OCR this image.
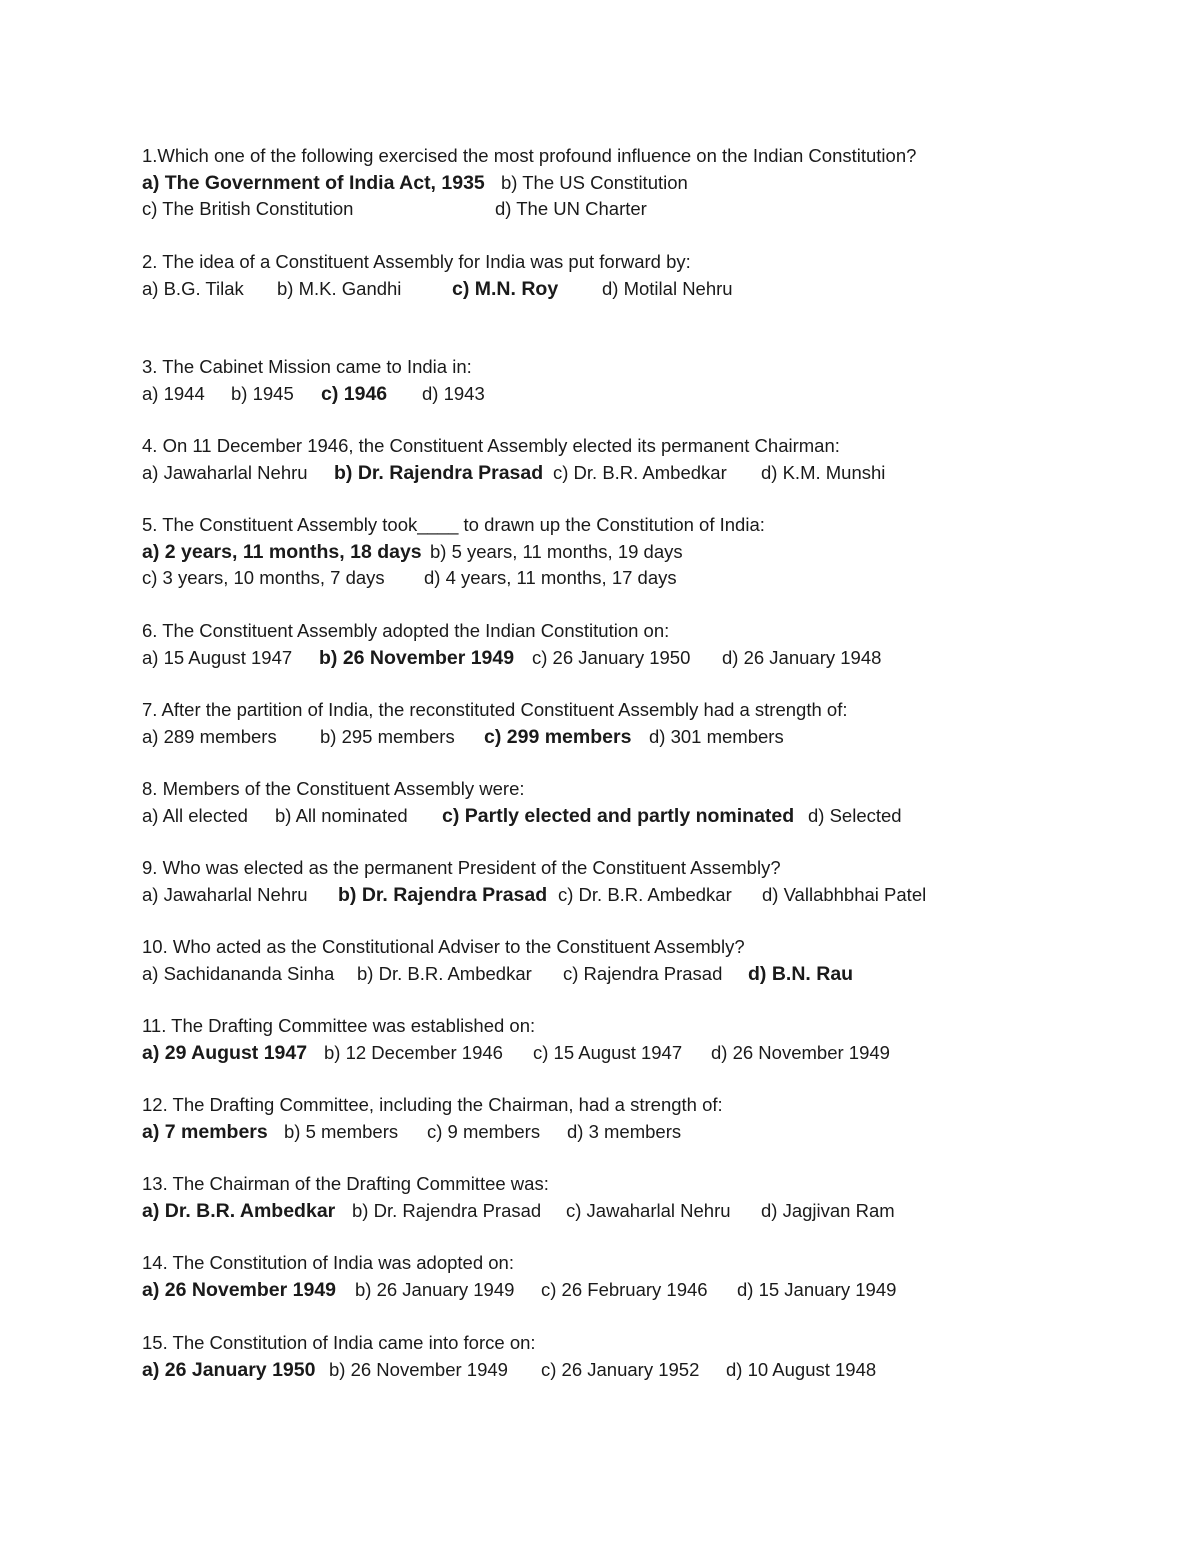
1.Which one of the following exercised the most profound influence on the Indian Constitution?
a) The Government of India Act, 1935 b) The US Constitution
c) The British Constitution	d) The UN Charter
2. The idea of a Constituent Assembly for India was put forward by:
a) B.G. Tilak b) M.K. Gandhi	c) M.N. Roy d) Motilal Nehru
3. The Cabinet Mission came to India in:
a) 1944 b) 1945 c) 1946 d) 1943
4. On 11 December 1946, the Constituent Assembly elected its permanent Chairman:
a) Jawaharlal Nehru b) Dr. Rajendra Prasad c) Dr. B.R. Ambedkar d) K.M. Munshi
5. The Constituent Assembly took____ to drawn up the Constitution of India:
a) 2 years, 11 months, 18 days b) 5 years, 11 months, 19 days
c) 3 years, 10 months, 7 days d) 4 years, 11 months, 17 days
6. The Constituent Assembly adopted the Indian Constitution on:
a) 15 August 1947 b) 26 November 1949 c) 26 January 1950 d) 26 January 1948
7. After the partition of India, the reconstituted Constituent Assembly had a strength of:
a) 289 members b) 295 members c) 299 members d) 301 members
8. Members of the Constituent Assembly were:
a) All elected b) All nominated c) Partly elected and partly nominated d) Selected
9. Who was elected as the permanent President of the Constituent Assembly?
a) Jawaharlal Nehru b) Dr. Rajendra Prasad c) Dr. B.R. Ambedkar d) Vallabhbhai Patel
10. Who acted as the Constitutional Adviser to the Constituent Assembly?
a) Sachidananda Sinha b) Dr. B.R. Ambedkar c) Rajendra Prasad d) B.N. Rau
11. The Drafting Committee was established on:
a) 29 August 1947 b) 12 December 1946 c) 15 August 1947 d) 26 November 1949
12. The Drafting Committee, including the Chairman, had a strength of:
a) 7 members b) 5 members c) 9 members d) 3 members
13. The Chairman of the Drafting Committee was:
a) Dr. B.R. Ambedkar b) Dr. Rajendra Prasad c) Jawaharlal Nehru d) Jagjivan Ram
14. The Constitution of India was adopted on:
a) 26 November 1949 b) 26 January 1949 c) 26 February 1946 d) 15 January 1949
15. The Constitution of India came into force on:
a) 26 January 1950 b) 26 November 1949 c) 26 January 1952 d) 10 August 1948
